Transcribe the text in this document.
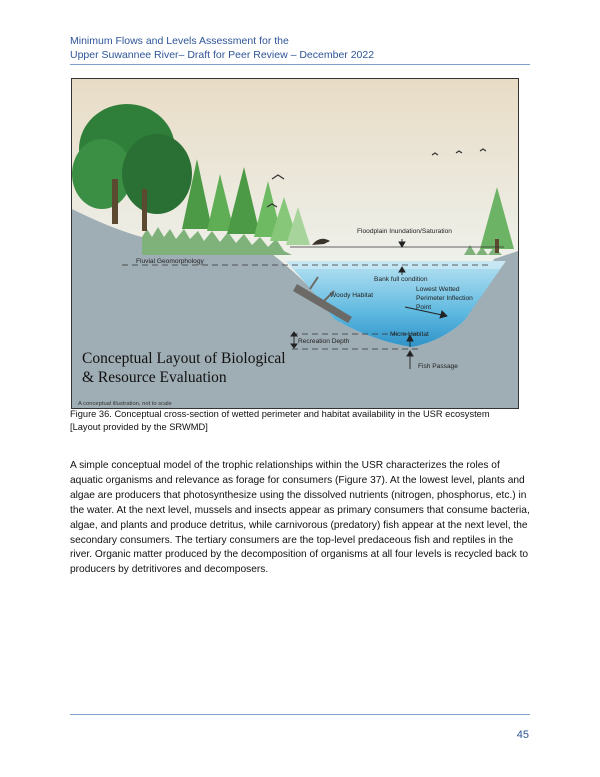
Minimum Flows and Levels Assessment for the
Upper Suwannee River– Draft for Peer Review – December 2022
Floodplain Inundation/Saturation
Fluvial Geomorphology
Bank full condition
Woody Habitat
Lowest Wetted
Perimeter Inflection
Point
Micro Habitat
Recreation Depth
Fish Passage
Conceptual Layout of Biological
& Resource Evaluation
A conceptual illustration, not to scale
Figure 36. Conceptual cross-section of wetted perimeter and habitat availability in the USR ecosystem
[Layout provided by the SRWMD]

A simple conceptual model of the trophic relationships within the USR characterizes the roles of aquatic organisms and relevance as forage for consumers (Figure 37). At the lowest level, plants and algae are producers that photosynthesize using the dissolved nutrients (nitrogen, phosphorus, etc.) in the water. At the next level, mussels and insects appear as primary consumers that consume bacteria, algae, and plants and produce detritus, while carnivorous (predatory) fish appear at the next level, the secondary consumers. The tertiary consumers are the top-level predaceous fish and reptiles in the river. Organic matter produced by the decomposition of organisms at all four levels is recycled back to producers by detritivores and decomposers.

45
